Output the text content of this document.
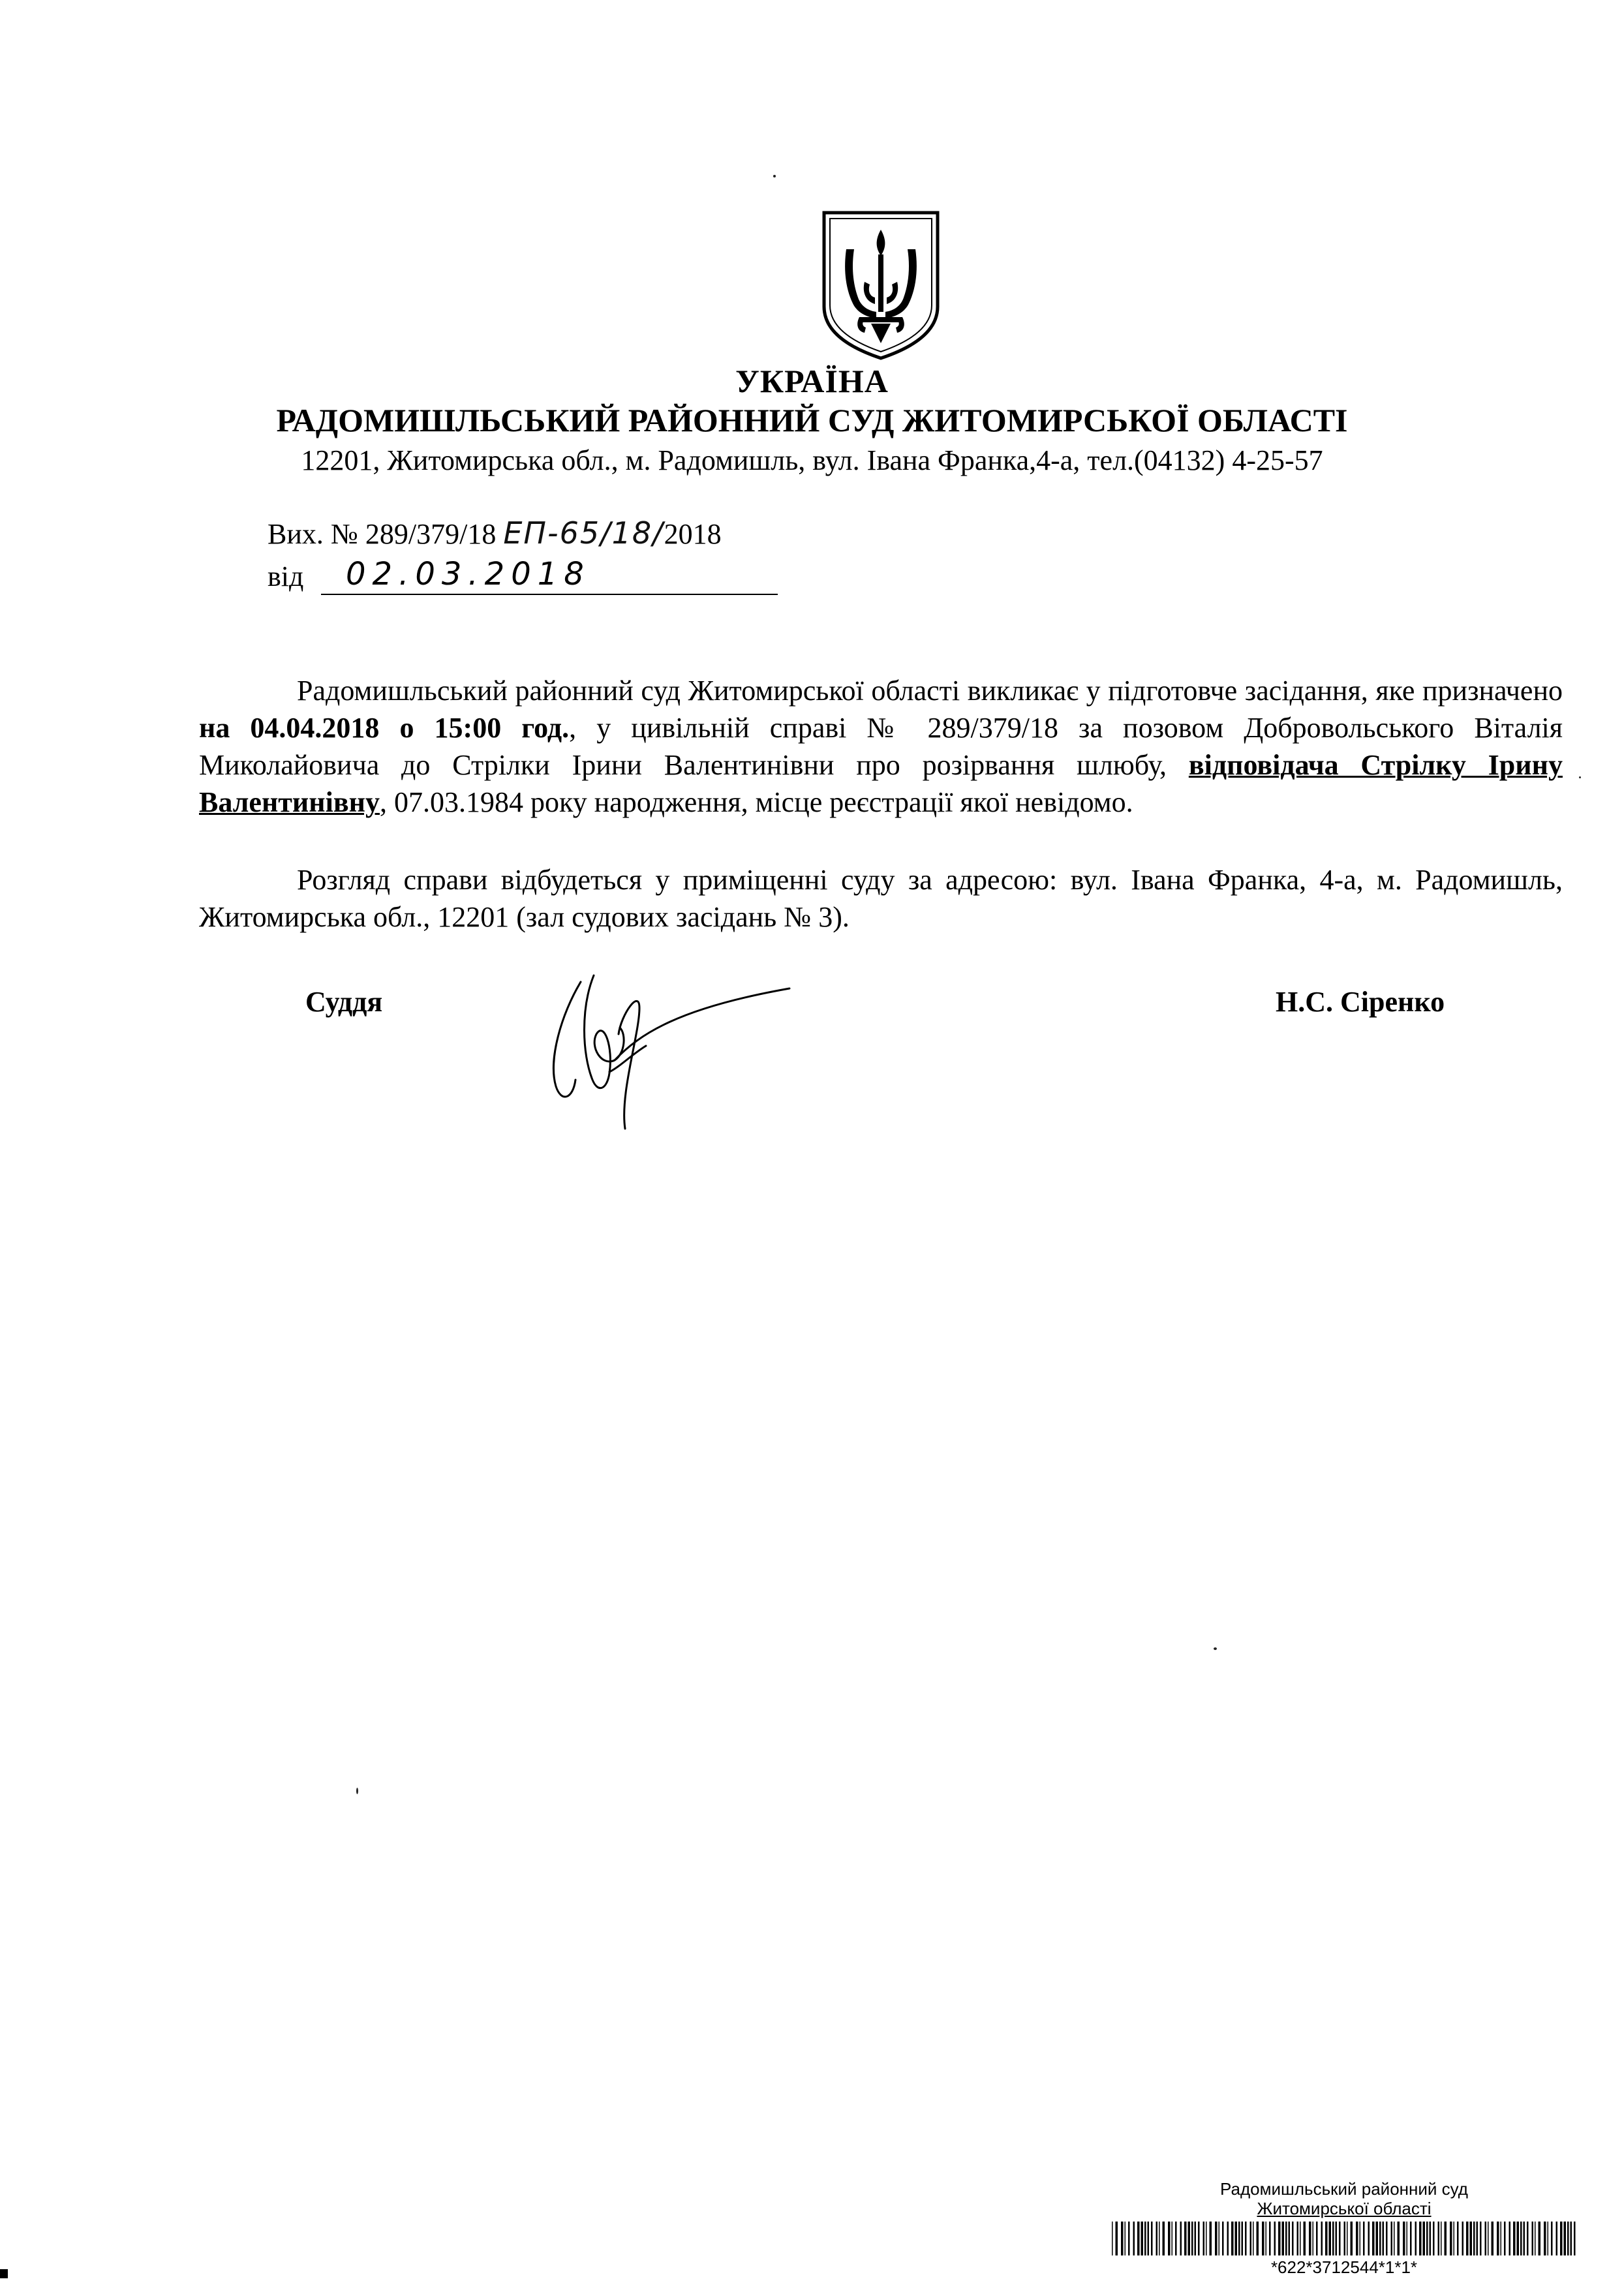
УКРАЇНА
РАДОМИШЛЬСЬКИЙ РАЙОННИЙ СУД ЖИТОМИРСЬКОЇ ОБЛАСТІ
12201, Житомирська обл., м. Радомишль, вул. Івана Франка,4-а, тел.(04132) 4-25-57
Вих. № 289/379/18 ЕП-65/18/2018
від 02.03.2018
Радомишльський районний суд Житомирської області викликає у підготовче засідання, яке призначено на 04.04.2018 о 15:00 год., у цивільній справі № 289/379/18 за позовом Добровольського Віталія Миколайовича до Стрілки Ірини Валентинівни про розірвання шлюбу, відповідача Стрілку Ірину Валентинівну, 07.03.1984 року народження, місце реєстрації якої невідомо.
Розгляд справи відбудеться у приміщенні суду за адресою: вул. Івана Франка, 4-а, м. Радомишль, Житомирська обл., 12201 (зал судових засідань № 3).
Суддя	Н.С. Сіренко
Радомишльський районний суд
Житомирської області
*622*3712544*1*1*
